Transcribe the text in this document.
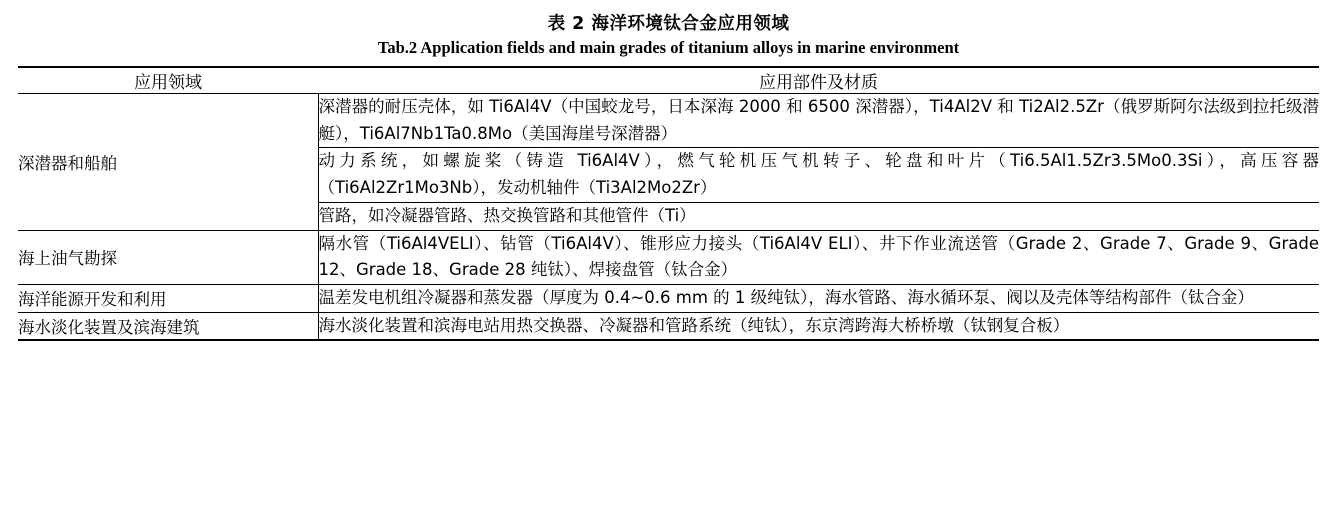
表 2 海洋环境钛合金应用领域
Tab.2 Application fields and main grades of titanium alloys in marine environment

应用领域	应用部件及材质
深潜器和船舶	深潜器的耐压壳体，如 Ti6Al4V（中国蛟龙号，日本深海 2000 和 6500 深潜器），Ti4Al2V 和 Ti2Al2.5Zr（俄罗斯阿尔法级到拉托级潜艇），Ti6Al7Nb1Ta0.8Mo（美国海崖号深潜器）
	动力系统，如螺旋桨（铸造 Ti6Al4V），燃气轮机压气机转子、轮盘和叶片（Ti6.5Al1.5Zr3.5Mo0.3Si），高压容器（Ti6Al2Zr1Mo3Nb），发动机轴件（Ti3Al2Mo2Zr）
	管路，如冷凝器管路、热交换管路和其他管件（Ti）
海上油气勘探	隔水管（Ti6Al4VELI）、钻管（Ti6Al4V）、锥形应力接头（Ti6Al4V ELI）、井下作业流送管（Grade 2、Grade 7、Grade 9、Grade 12、Grade 18、Grade 28 纯钛）、焊接盘管（钛合金）
海洋能源开发和利用	温差发电机组冷凝器和蒸发器（厚度为 0.4~0.6 mm 的 1 级纯钛），海水管路、海水循环泵、阀以及壳体等结构部件（钛合金）
海水淡化装置及滨海建筑	海水淡化装置和滨海电站用热交换器、冷凝器和管路系统（纯钛），东京湾跨海大桥桥墩（钛钢复合板）
